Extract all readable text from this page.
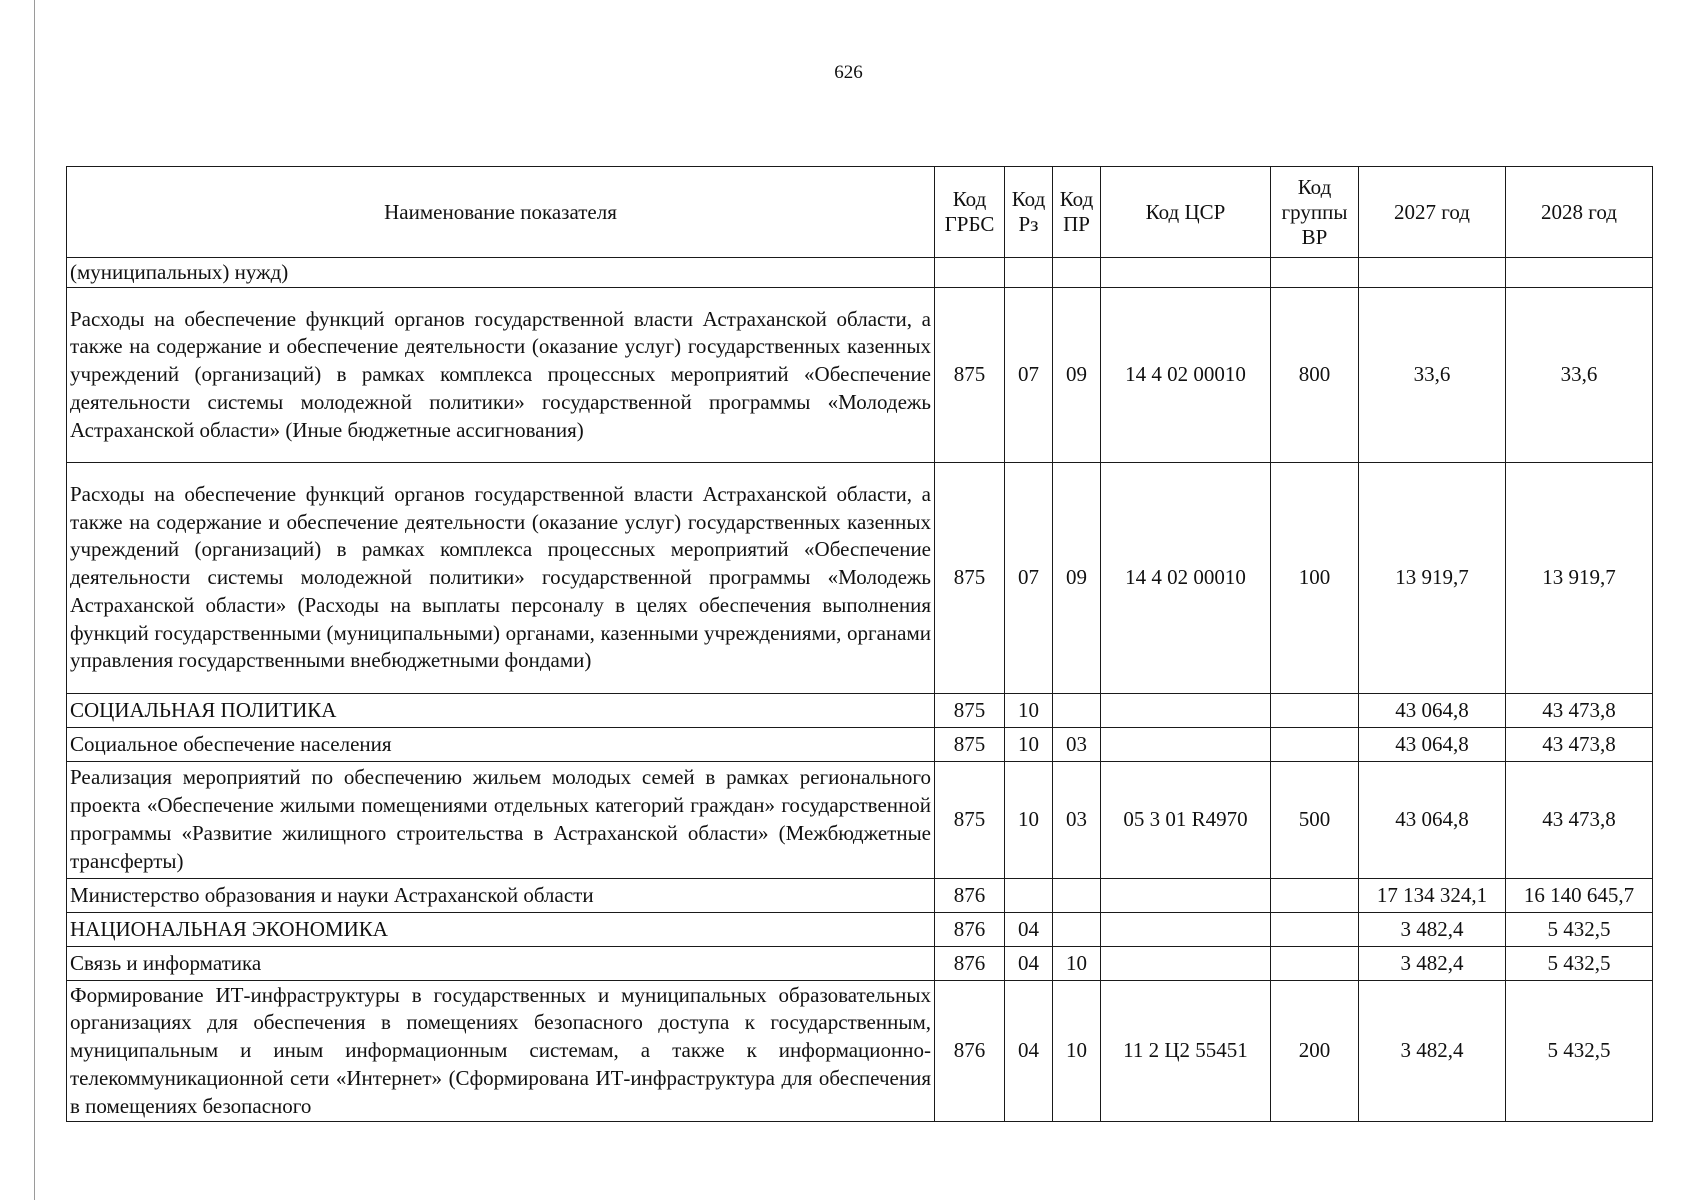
626
Наименование показателя	Код ГРБС	Код Рз	Код ПР	Код ЦСР	Код группы ВР	2027 год	2028 год
(муниципальных) нужд)							
Расходы на обеспечение функций органов государственной власти Астраханской области, а также на содержание и обеспечение деятельности (оказание услуг) государственных казенных учреждений (организаций) в рамках комплекса процессных мероприятий «Обеспечение деятельности системы молодежной политики» государственной программы «Молодежь Астраханской области» (Иные бюджетные ассигнования)	875	07	09	14 4 02 00010	800	33,6	33,6
Расходы на обеспечение функций органов государственной власти Астраханской области, а также на содержание и обеспечение деятельности (оказание услуг) государственных казенных учреждений (организаций) в рамках комплекса процессных мероприятий «Обеспечение деятельности системы молодежной политики» государственной программы «Молодежь Астраханской области» (Расходы на выплаты персоналу в целях обеспечения выполнения функций государственными (муниципальными) органами, казенными учреждениями, органами управления государственными внебюджетными фондами)	875	07	09	14 4 02 00010	100	13 919,7	13 919,7
СОЦИАЛЬНАЯ ПОЛИТИКА	875	10				43 064,8	43 473,8
Социальное обеспечение населения	875	10	03			43 064,8	43 473,8
Реализация мероприятий по обеспечению жильем молодых семей в рамках регионального проекта «Обеспечение жилыми помещениями отдельных категорий граждан» государственной программы «Развитие жилищного строительства в Астраханской области» (Межбюджетные трансферты)	875	10	03	05 3 01 R4970	500	43 064,8	43 473,8
Министерство образования и науки Астраханской области	876					17 134 324,1	16 140 645,7
НАЦИОНАЛЬНАЯ ЭКОНОМИКА	876	04				3 482,4	5 432,5
Связь и информатика	876	04	10			3 482,4	5 432,5
Формирование ИТ-инфраструктуры в государственных и муниципальных образовательных организациях для обеспечения в помещениях безопасного доступа к государственным, муниципальным и иным информационным системам, а также к информационно-телекоммуникационной сети «Интернет» (Сформирована ИТ-инфраструктура для обеспечения в помещениях безопасного	876	04	10	11 2 Ц2 55451	200	3 482,4	5 432,5
